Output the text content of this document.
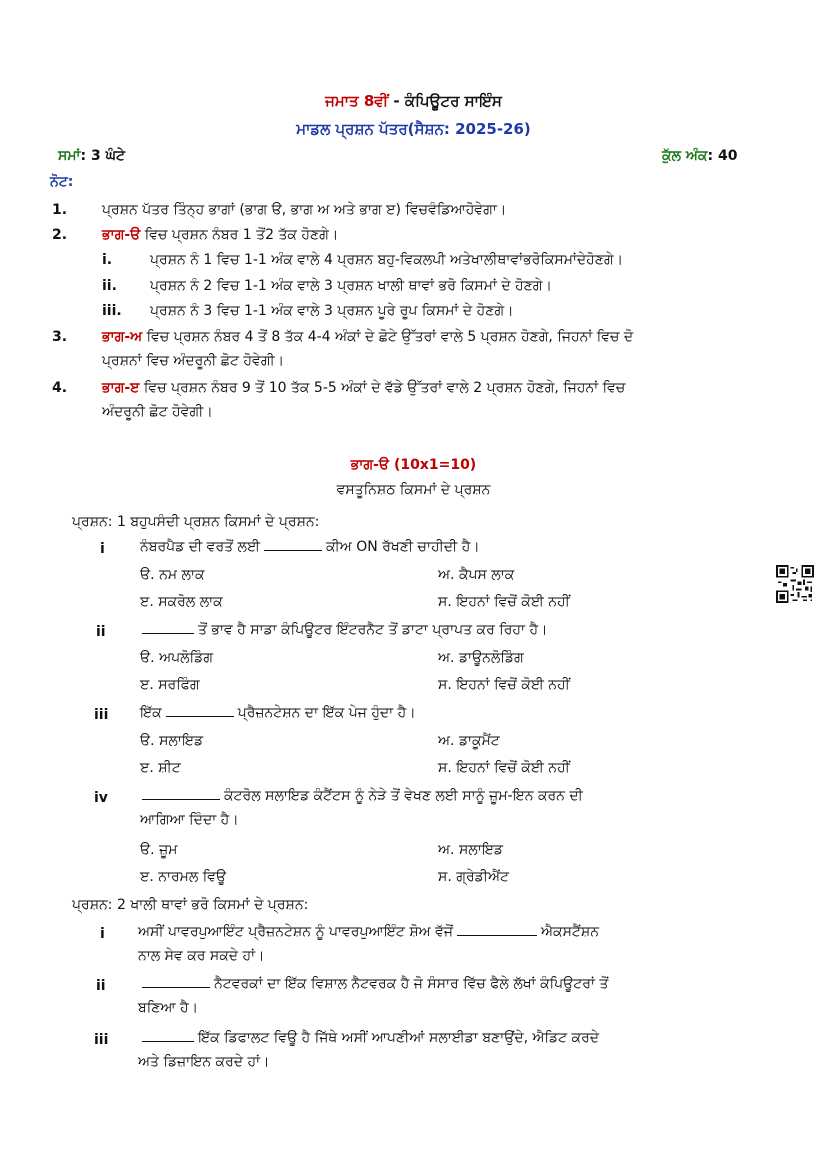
ਜਮਾਤ 8ਵੀਂ - ਕੰਪਿਊਟਰ ਸਾਇੰਸ
ਮਾਡਲ ਪ੍ਰਸ਼ਨ ਪੱਤਰ(ਸੈਸ਼ਨ: 2025-26)
ਸਮਾਂ: 3 ਘੰਟੇ	ਕੁੱਲ ਅੰਕ: 40
ਨੋਟ:
1. ਪ੍ਰਸ਼ਨ ਪੱਤਰ ਤਿੰਨ੍ਹ ਭਾਗਾਂ (ਭਾਗ ੳ, ਭਾਗ ਅ ਅਤੇ ਭਾਗ ੲ) ਵਿਚਵੰਡਿਆਹੋਵੇਗਾ।
2. ਭਾਗ-ੳ ਵਿਚ ਪ੍ਰਸ਼ਨ ਨੰਬਰ 1 ਤੋਂ2 ਤੱਕ ਹੋਣਗੇ।
i.	ਪ੍ਰਸ਼ਨ ਨੰ 1 ਵਿਚ 1-1 ਅੰਕ ਵਾਲੇ 4 ਪ੍ਰਸ਼ਨ ਬਹੁ-ਵਿਕਲਪੀ ਅਤੇਖਾਲੀਥਾਵਾਂਭਰੋਕਿਸਮਾਂਦੇਹੋਣਗੇ।
ii. ਪ੍ਰਸ਼ਨ ਨੰ 2 ਵਿਚ 1-1 ਅੰਕ ਵਾਲੇ 3 ਪ੍ਰਸ਼ਨ ਖਾਲੀ ਥਾਵਾਂ ਭਰੋ ਕਿਸਮਾਂ ਦੇ ਹੋਣਗੇ।
iii. ਪ੍ਰਸ਼ਨ ਨੰ 3 ਵਿਚ 1-1 ਅੰਕ ਵਾਲੇ 3 ਪ੍ਰਸ਼ਨ ਪੂਰੇ ਰੂਪ ਕਿਸਮਾਂ ਦੇ ਹੋਣਗੇ।
3. ਭਾਗ-ਅ ਵਿਚ ਪ੍ਰਸ਼ਨ ਨੰਬਰ 4 ਤੋਂ 8 ਤੱਕ 4-4 ਅੰਕਾਂ ਦੇ ਛੋਟੇ ਉੱਤਰਾਂ ਵਾਲੇ 5 ਪ੍ਰਸ਼ਨ ਹੋਣਗੇ, ਜਿਹਨਾਂ ਵਿਚ ਦੋ
ਪ੍ਰਸ਼ਨਾਂ ਵਿਚ ਅੰਦਰੂਨੀ ਛੋਟ ਹੋਵੇਗੀ।
4. ਭਾਗ-ੲ ਵਿਚ ਪ੍ਰਸ਼ਨ ਨੰਬਰ 9 ਤੋਂ 10 ਤੱਕ 5-5 ਅੰਕਾਂ ਦੇ ਵੱਡੇ ਉੱਤਰਾਂ ਵਾਲੇ 2 ਪ੍ਰਸ਼ਨ ਹੋਣਗੇ, ਜਿਹਨਾਂ ਵਿਚ
ਅੰਦਰੂਨੀ ਛੋਟ ਹੋਵੇਗੀ।
ਭਾਗ-ੳ (10x1=10)
ਵਸਤੂਨਿਸ਼ਠ ਕਿਸਮਾਂ ਦੇ ਪ੍ਰਸ਼ਨ
ਪ੍ਰਸ਼ਨ: 1 ਬਹੁਪਸੰਦੀ ਪ੍ਰਸ਼ਨ ਕਿਸਮਾਂ ਦੇ ਪ੍ਰਸ਼ਨ:
i	ਨੰਬਰਪੈਡ ਦੀ ਵਰਤੋਂ ਲਈ	ਕੀਅ ON ਰੱਖਣੀ ਚਾਹੀਦੀ ਹੈ।
ੳ. ਨਮ ਲਾਕ	ਅ. ਕੈਪਸ ਲਾਕ
ੲ. ਸਕਰੋਲ ਲਾਕ	ਸ. ਇਹਨਾਂ ਵਿਚੋਂ ਕੋਈ ਨਹੀਂ
ii	ਤੋਂ ਭਾਵ ਹੈ ਸਾਡਾ ਕੰਪਿਊਟਰ ਇੰਟਰਨੈਟ ਤੋਂ ਡਾਟਾ ਪ੍ਰਾਪਤ ਕਰ ਰਿਹਾ ਹੈ।
ੳ. ਅਪਲੋਡਿੰਗ	ਅ. ਡਾਊਨਲੋਡਿੰਗ
ੲ. ਸਰਫਿੰਗ	ਸ. ਇਹਨਾਂ ਵਿਚੋਂ ਕੋਈ ਨਹੀਂ
iii ਇੱਕ	ਪ੍ਰੈਜ਼ਨਟੇਸ਼ਨ ਦਾ ਇੱਕ ਪੇਜ ਹੁੰਦਾ ਹੈ।
ੳ. ਸਲਾਇਡ	ਅ. ਡਾਕੂਮੈਂਟ
ੲ. ਸ਼ੀਟ	ਸ. ਇਹਨਾਂ ਵਿਚੋਂ ਕੋਈ ਨਹੀਂ
iv	ਕੰਟਰੋਲ ਸਲਾਇਡ ਕੰਟੈਂਟਸ ਨੂੰ ਨੇੜੇ ਤੋਂ ਵੇਖਣ ਲਈ ਸਾਨੂੰ ਜ਼ੂਮ-ਇਨ ਕਰਨ ਦੀ
ਆਗਿਆ ਦਿੰਦਾ ਹੈ।
ੳ. ਜ਼ੂਮ	ਅ. ਸਲਾਇਡ
ੲ. ਨਾਰਮਲ ਵਿਊ	ਸ. ਗ੍ਰੇਡੀਐਂਟ
ਪ੍ਰਸ਼ਨ: 2 ਖਾਲੀ ਥਾਵਾਂ ਭਰੋ ਕਿਸਮਾਂ ਦੇ ਪ੍ਰਸ਼ਨ:
i ਅਸੀਂ ਪਾਵਰਪੁਆਇੰਟ ਪ੍ਰੈਜ਼ਨਟੇਸ਼ਨ ਨੂੰ ਪਾਵਰਪੁਆਇੰਟ ਸ਼ੋਅ ਵੱਜੋਂ	ਐਕਸਟੈਂਸ਼ਨ
ਨਾਲ ਸੇਵ ਕਰ ਸਕਦੇ ਹਾਂ।
ii	ਨੈਟਵਰਕਾਂ ਦਾ ਇੱਕ ਵਿਸ਼ਾਲ ਨੈਟਵਰਕ ਹੈ ਜੋ ਸੰਸਾਰ ਵਿੱਚ ਫੈਲੇ ਲੱਖਾਂ ਕੰਪਿਊਟਰਾਂ ਤੋਂ
ਬਣਿਆ ਹੈ।
iii	ਇੱਕ ਡਿਫਾਲਟ ਵਿਊ ਹੈ ਜਿੱਥੇ ਅਸੀਂ ਆਪਣੀਆਂ ਸਲਾਈਡਾ ਬਣਾਉਂਦੇ, ਐਡਿਟ ਕਰਦੇ
ਅਤੇ ਡਿਜ਼ਾਇਨ ਕਰਦੇ ਹਾਂ।
